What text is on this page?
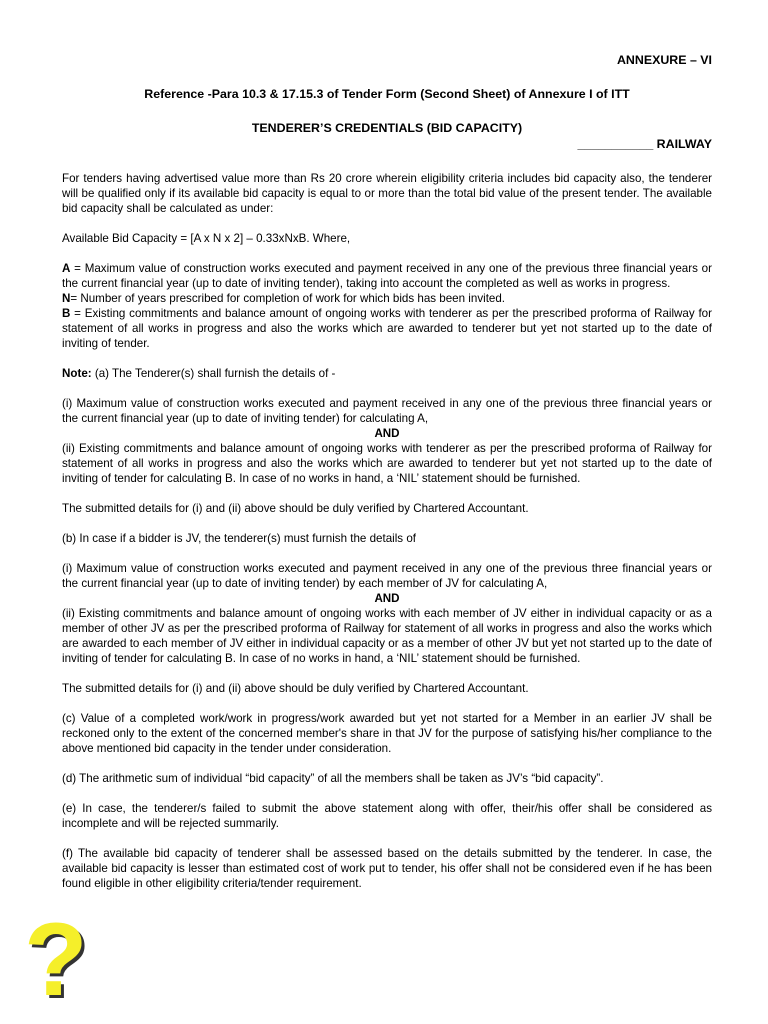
ANNEXURE – VI
Reference -Para 10.3 & 17.15.3 of Tender Form (Second Sheet) of Annexure I of ITT
TENDERER’S CREDENTIALS (BID CAPACITY)
___________ RAILWAY

For tenders having advertised value more than Rs 20 crore wherein eligibility criteria includes bid capacity also, the tenderer will be qualified only if its available bid capacity is equal to or more than the total bid value of the present tender. The available bid capacity shall be calculated as under:

Available Bid Capacity = [A x N x 2] – 0.33xNxB. Where,

A = Maximum value of construction works executed and payment received in any one of the previous three financial years or the current financial year (up to date of inviting tender), taking into account the completed as well as works in progress.

N= Number of years prescribed for completion of work for which bids has been invited.

B = Existing commitments and balance amount of ongoing works with tenderer as per the prescribed proforma of Railway for statement of all works in progress and also the works which are awarded to tenderer but yet not started up to the date of inviting of tender.

Note: (a) The Tenderer(s) shall furnish the details of -

(i) Maximum value of construction works executed and payment received in any one of the previous three financial years or the current financial year (up to date of inviting tender) for calculating A,

AND

(ii) Existing commitments and balance amount of ongoing works with tenderer as per the prescribed proforma of Railway for statement of all works in progress and also the works which are awarded to tenderer but yet not started up to the date of inviting of tender for calculating B. In case of no works in hand, a ‘NIL’ statement should be furnished.

The submitted details for (i) and (ii) above should be duly verified by Chartered Accountant.

(b) In case if a bidder is JV, the tenderer(s) must furnish the details of

(i) Maximum value of construction works executed and payment received in any one of the previous three financial years or the current financial year (up to date of inviting tender) by each member of JV for calculating A,

AND

(ii) Existing commitments and balance amount of ongoing works with each member of JV either in individual capacity or as a member of other JV as per the prescribed proforma of Railway for statement of all works in progress and also the works which are awarded to each member of JV either in individual capacity or as a member of other JV but yet not started up to the date of inviting of tender for calculating B. In case of no works in hand, a ‘NIL’ statement should be furnished.

The submitted details for (i) and (ii) above should be duly verified by Chartered Accountant.

(c) Value of a completed work/work in progress/work awarded but yet not started for a Member in an earlier JV shall be reckoned only to the extent of the concerned member's share in that JV for the purpose of satisfying his/her compliance to the above mentioned bid capacity in the tender under consideration.

(d) The arithmetic sum of individual “bid capacity” of all the members shall be taken as JV’s “bid capacity”.

(e) In case, the tenderer/s failed to submit the above statement along with offer, their/his offer shall be considered as incomplete and will be rejected summarily.

(f) The available bid capacity of tenderer shall be assessed based on the details submitted by the tenderer. In case, the available bid capacity is lesser than estimated cost of work put to tender, his offer shall not be considered even if he has been found eligible in other eligibility criteria/tender requirement.

?
